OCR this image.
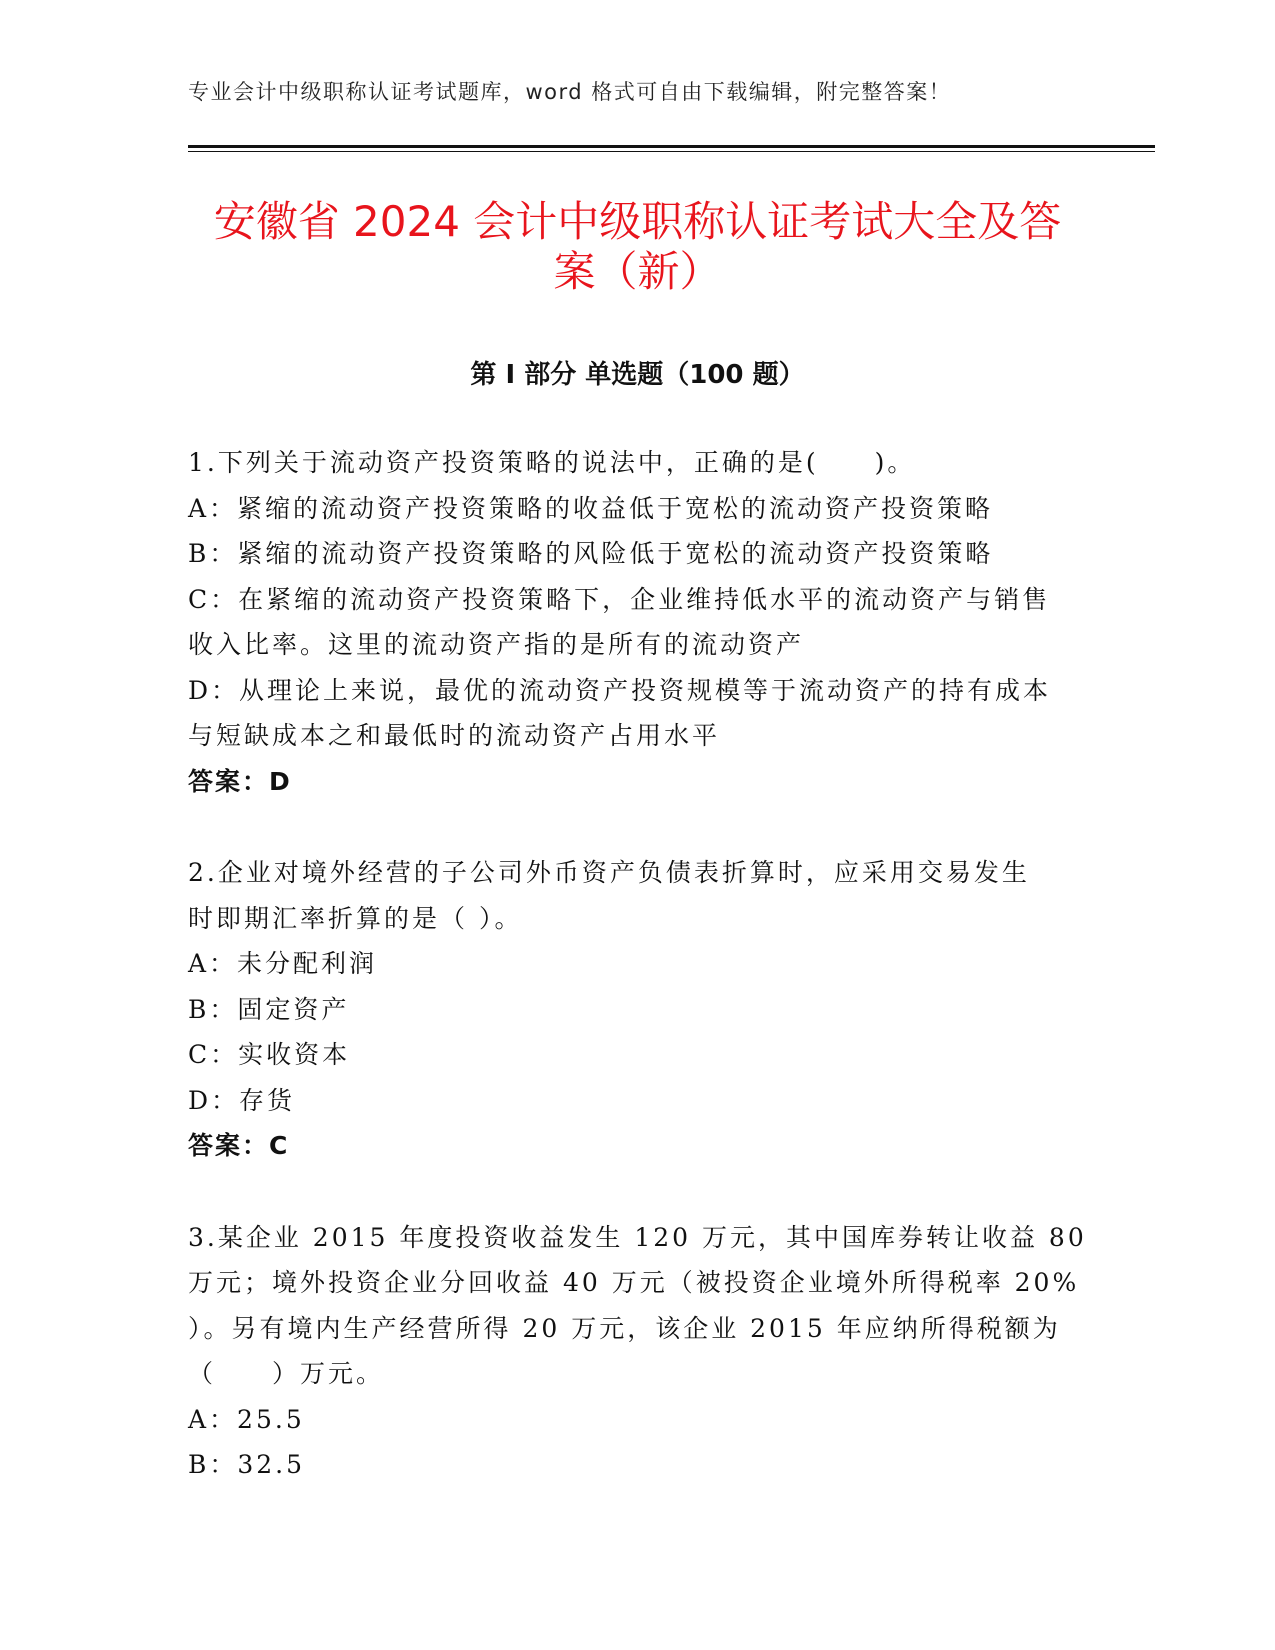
专业会计中级职称认证考试题库，word 格式可自由下载编辑，附完整答案！
安徽省 2024 会计中级职称认证考试大全及答
案（新）
第 I 部分 单选题（100 题）
1.下列关于流动资产投资策略的说法中，正确的是(　　)。
A：紧缩的流动资产投资策略的收益低于宽松的流动资产投资策略
B：紧缩的流动资产投资策略的风险低于宽松的流动资产投资策略
C：在紧缩的流动资产投资策略下，企业维持低水平的流动资产与销售
收入比率。这里的流动资产指的是所有的流动资产
D：从理论上来说，最优的流动资产投资规模等于流动资产的持有成本
与短缺成本之和最低时的流动资产占用水平
答案：D
2.企业对境外经营的子公司外币资产负债表折算时，应采用交易发生
时即期汇率折算的是（ ）。
A：未分配利润
B：固定资产
C：实收资本
D：存货
答案：C
3.某企业 2015 年度投资收益发生 120 万元，其中国库券转让收益 80
万元；境外投资企业分回收益 40 万元（被投资企业境外所得税率 20%
）。另有境内生产经营所得 20 万元，该企业 2015 年应纳所得税额为
（　　）万元。
A：25.5
B：32.5
